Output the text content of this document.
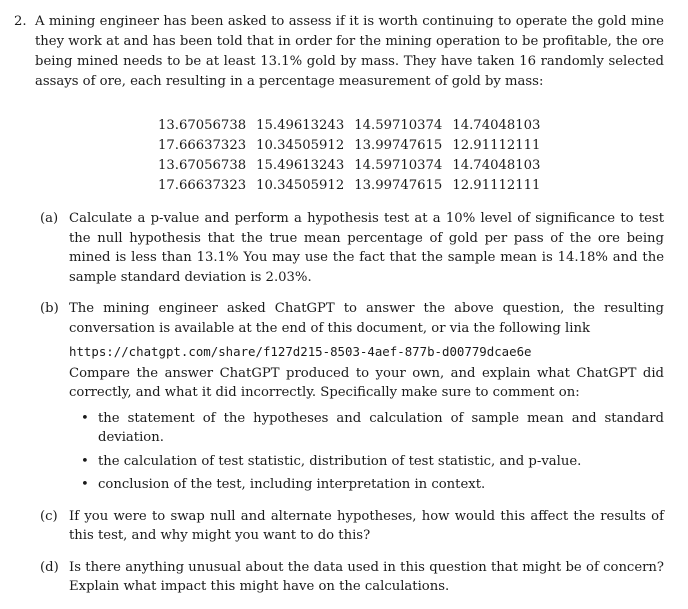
2. A mining engineer has been asked to assess if it is worth continuing to operate the gold mine they work at and has been told that in order for the mining operation to be profitable, the ore being mined needs to be at least 13.1% gold by mass. They have taken 16 randomly selected assays of ore, each resulting in a percentage measurement of gold by mass:
13.67056738	15.49613243	14.59710374	14.74048103
17.66637323	10.34505912	13.99747615	12.91112111
13.67056738	15.49613243	14.59710374	14.74048103
17.66637323	10.34505912	13.99747615	12.91112111
(a) Calculate a p-value and perform a hypothesis test at a 10% level of significance to test the null hypothesis that the true mean percentage of gold per pass of the ore being mined is less than 13.1% You may use the fact that the sample mean is 14.18% and the sample standard deviation is 2.03%.
(b) The mining engineer asked ChatGPT to answer the above question, the resulting conversation is available at the end of this document, or via the following link
https://chatgpt.com/share/f127d215-8503-4aef-877b-d00779dcae6e
Compare the answer ChatGPT produced to your own, and explain what ChatGPT did correctly, and what it did incorrectly. Specifically make sure to comment on:
• the statement of the hypotheses and calculation of sample mean and standard deviation.
• the calculation of test statistic, distribution of test statistic, and p-value.
• conclusion of the test, including interpretation in context.
(c) If you were to swap null and alternate hypotheses, how would this affect the results of this test, and why might you want to do this?
(d) Is there anything unusual about the data used in this question that might be of concern? Explain what impact this might have on the calculations.
